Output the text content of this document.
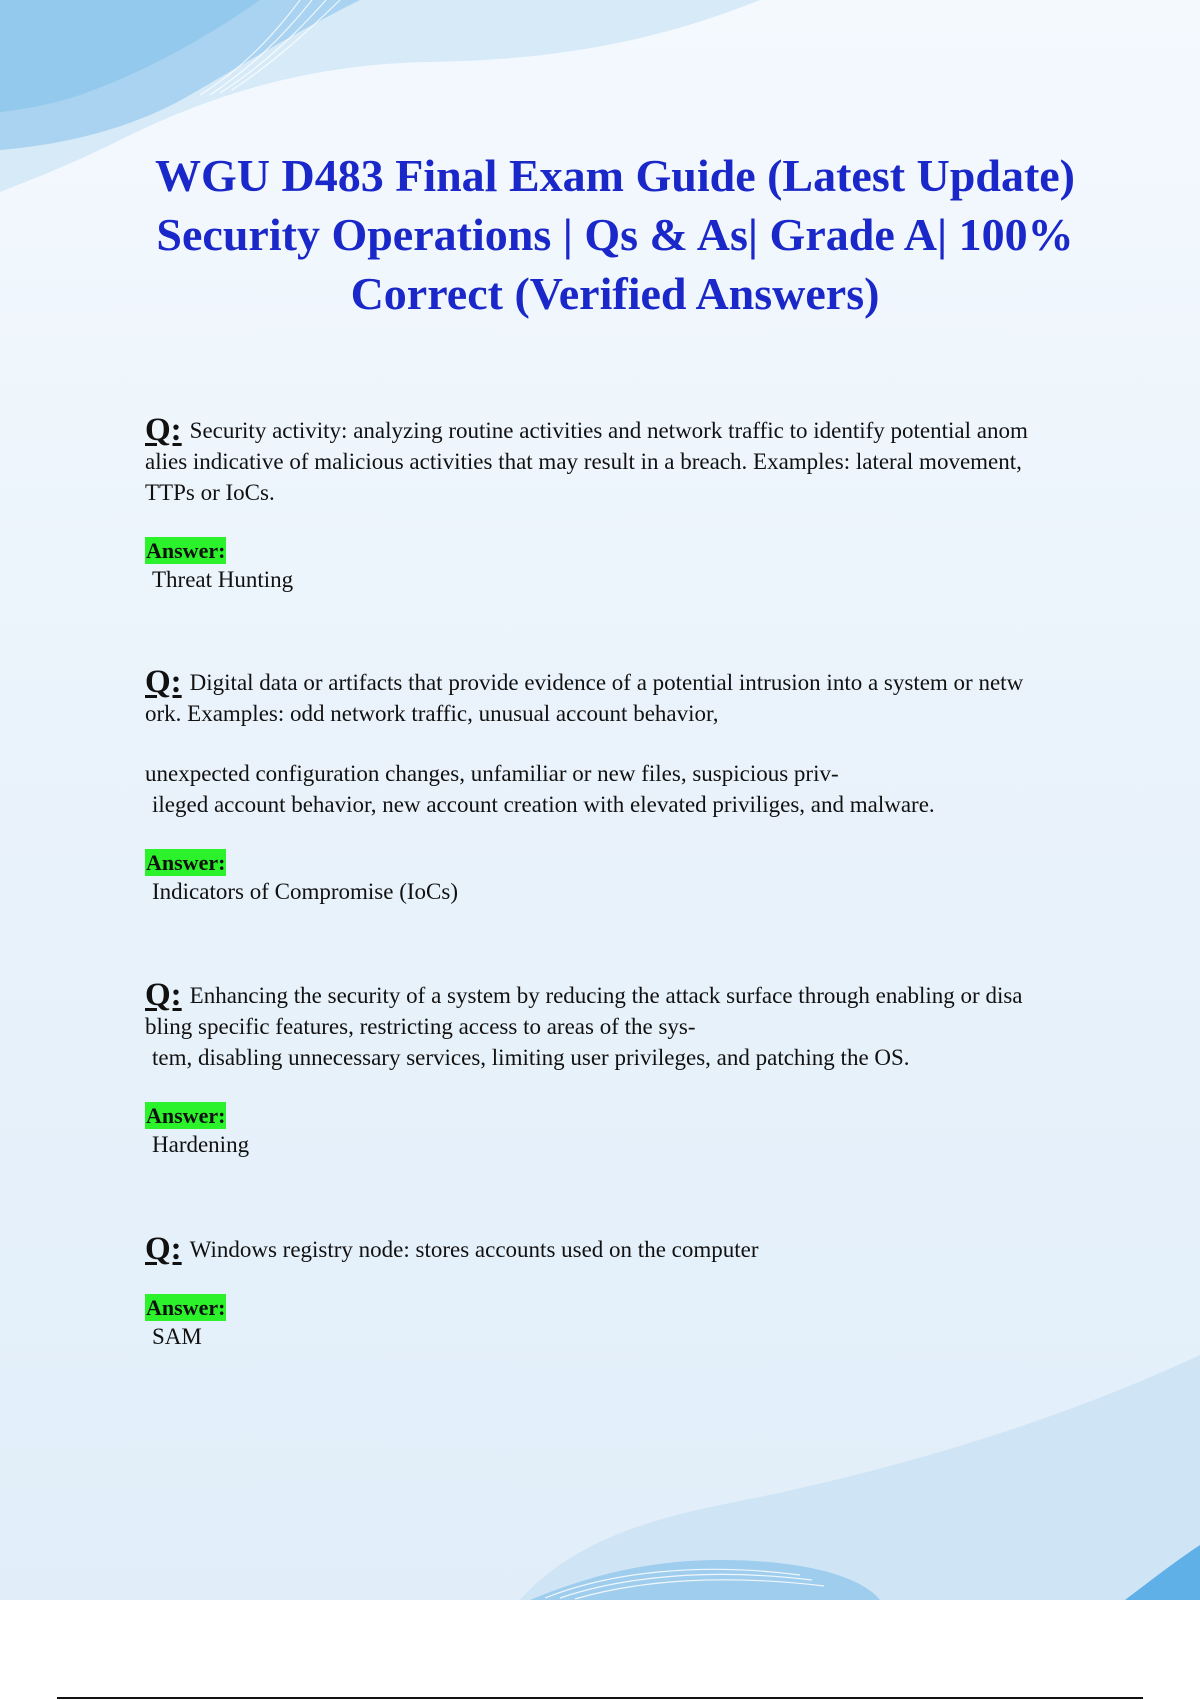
WGU D483 Final Exam Guide (Latest Update) Security Operations | Qs & As| Grade A| 100% Correct (Verified Answers)

Q: Security activity: analyzing routine activities and network traffic to identify potential anom

alies indicative of malicious activities that may result in a breach. Examples: lateral movement,

TTPs or IoCs.

Answer:

Threat Hunting

Q: Digital data or artifacts that provide evidence of a potential intrusion into a system or netw

ork. Examples: odd network traffic, unusual account behavior,

unexpected configuration changes, unfamiliar or new files, suspicious priv-

ileged account behavior, new account creation with elevated priviliges, and malware.

Answer:

Indicators of Compromise (IoCs)

Q: Enhancing the security of a system by reducing the attack surface through enabling or disa

bling specific features, restricting access to areas of the sys-

tem, disabling unnecessary services, limiting user privileges, and patching the OS.

Answer:

Hardening

Q: Windows registry node: stores accounts used on the computer

Answer:

SAM
